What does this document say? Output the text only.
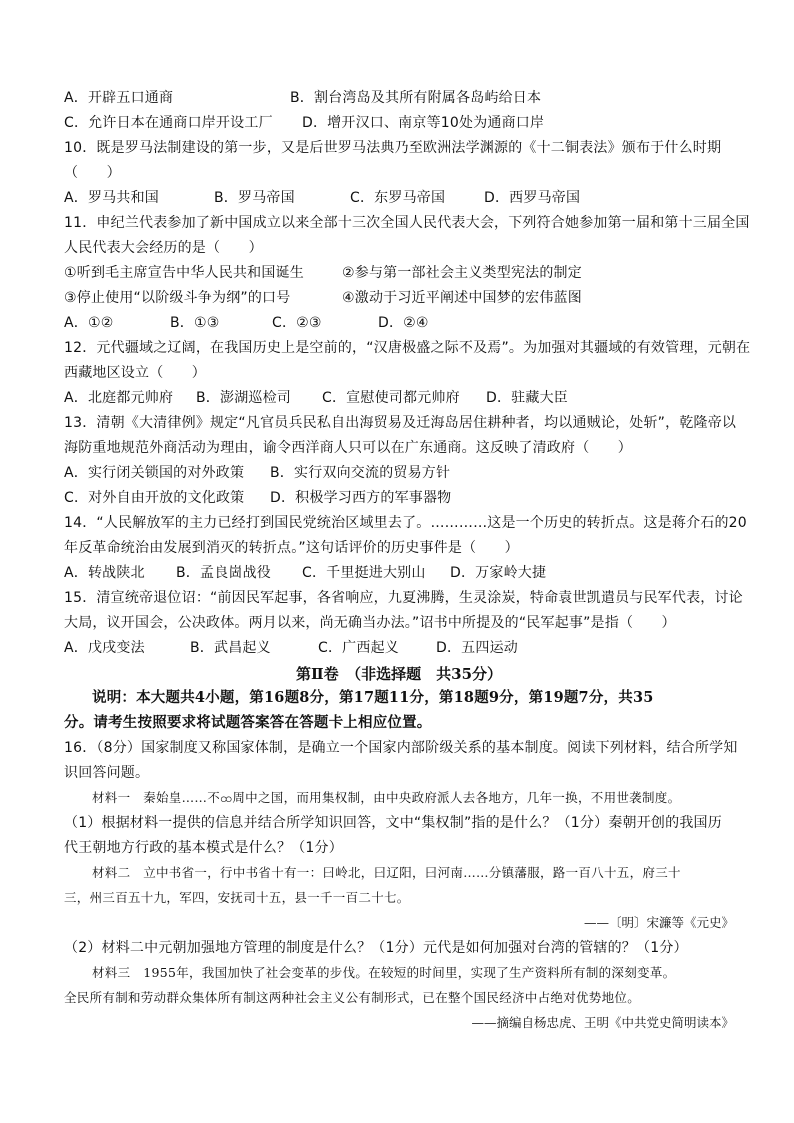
A．开辟五口通商	B．割台湾岛及其所有附属各岛屿给日本
C．允许日本在通商口岸开设工厂 D．增开汉口、南京等10处为通商口岸
10．既是罗马法制建设的第一步，又是后世罗马法典乃至欧洲法学渊源的《十二铜表法》颁布于什么时期
（　　）
A．罗马共和国	B．罗马帝国	C．东罗马帝国	D．西罗马帝国
11．申纪兰代表参加了新中国成立以来全部十三次全国人民代表大会，下列符合她参加第一届和第十三届全国
人民代表大会经历的是（　　）
①听到毛主席宣告中华人民共和国诞生	②参与第一部社会主义类型宪法的制定
③停止使用“以阶级斗争为纲”的口号	④激动于习近平阐述中国梦的宏伟蓝图
A．①②	B．①③	C．②③	D．②④
12．元代疆域之辽阔，在我国历史上是空前的，“汉唐极盛之际不及焉”。为加强对其疆域的有效管理，元朝在
西藏地区设立（　　）
A．北庭都元帅府 B．澎湖巡检司 C．宣慰使司都元帅府 D．驻藏大臣
13．清朝《大清律例》规定“凡官员兵民私自出海贸易及迁海岛居住耕种者，均以通贼论，处斩”，乾隆帝以
海防重地规范外商活动为理由，谕令西洋商人只可以在广东通商。这反映了清政府（　　）
A．实行闭关锁国的对外政策 B．实行双向交流的贸易方针
C．对外自由开放的文化政策 D．积极学习西方的军事器物
14．“人民解放军的主力已经打到国民党统治区域里去了。…………这是一个历史的转折点。这是蒋介石的20
年反革命统治由发展到消灭的转折点。”这句话评价的历史事件是（　　）
A．转战陕北 B．孟良崮战役 C．千里挺进大别山 D．万家岭大捷
15．清宣统帝退位诏：“前因民军起事，各省响应，九夏沸腾，生灵涂炭，特命袁世凯遣员与民军代表，讨论
大局，议开国会，公决政体。两月以来，尚无确当办法。”诏书中所提及的“民军起事”是指（　　）
A．戊戌变法	B．武昌起义	C．广西起义	D．五四运动
第Ⅱ卷　（非选择题　共35分）
说明：本大题共4小题，第16题8分，第17题11分，第18题9分，第19题7分，共35
分。请考生按照要求将试题答案答在答题卡上相应位置。
16．（8分）国家制度又称国家体制，是确立一个国家内部阶级关系的基本制度。阅读下列材料，结合所学知
识回答问题。
材料一　秦始皇……不ထ周中之国，而用集权制，由中央政府派人去各地方，几年一换，不用世袭制度。
（1）根据材料一提供的信息并结合所学知识回答，文中“集权制”指的是什么？（1分）秦朝开创的我国历
代王朝地方行政的基本模式是什么？（1分）
材料二　立中书省一，行中书省十有一：曰岭北，曰辽阳，曰河南……分镇藩服，路一百八十五，府三十
三，州三百五十九，军四，安抚司十五，县一千一百二十七。
——〔明〕宋濂等《元史》
（2）材料二中元朝加强地方管理的制度是什么？（1分）元代是如何加强对台湾的管辖的？（1分）
材料三　1955年，我国加快了社会变革的步伐。在较短的时间里，实现了生产资料所有制的深刻变革。
全民所有制和劳动群众集体所有制这两种社会主义公有制形式，已在整个国民经济中占绝对优势地位。
——摘编自杨忠虎、王明《中共党史简明读本》
